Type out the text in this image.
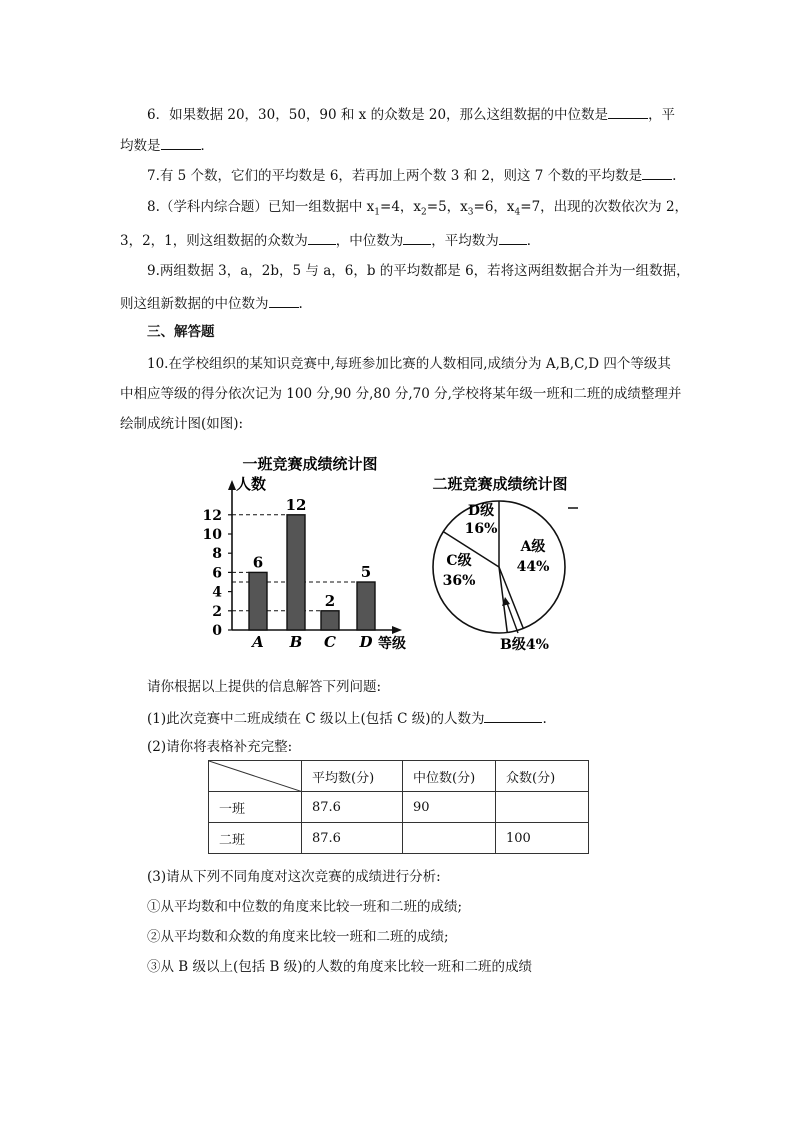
6．如果数据 20，30，50，90 和 x 的众数是 20，那么这组数据的中位数是	，平
均数是	．
7.有 5 个数，它们的平均数是 6，若再加上两个数 3 和 2，则这 7 个数的平均数是 .
8.（学科内综合题）已知一组数据中 $x_1=4$，$x_2=5$，$x_3=6$，$x_4=7$，出现的次数依次为 2，
3，2，1，则这组数据的众数为 ，中位数为 ，平均数为 ．
9.两组数据 3，a，2b，5 与 a，6，b 的平均数都是 6，若将这两组数据合并为一组数据，
则这组新数据的中位数为 .
三、解答题
10.在学校组织的某知识竞赛中,每班参加比赛的人数相同,成绩分为 A,B,C,D 四个等级其
中相应等级的得分依次记为 100 分,90 分,80 分,70 分,学校将某年级一班和二班的成绩整理并
绘制成统计图(如图):
一班竞赛成绩统计图
人数
等级
0
2
4
6
8
10
12
6
A
12
B
2
C
5
D
二班竞赛成绩统计图
A级
44%
C级
36%
D级
16%
B级4%
请你根据以上提供的信息解答下列问题:
(1)此次竞赛中二班成绩在 C 级以上(包括 C 级)的人数为	.
(2)请你将表格补充完整:
	平均数(分)	中位数(分)	众数(分)
一班	87.6	90	
二班	87.6		100
(3)请从下列不同角度对这次竞赛的成绩进行分析:
①从平均数和中位数的角度来比较一班和二班的成绩;
②从平均数和众数的角度来比较一班和二班的成绩;
③从 B 级以上(包括 B 级)的人数的角度来比较一班和二班的成绩
